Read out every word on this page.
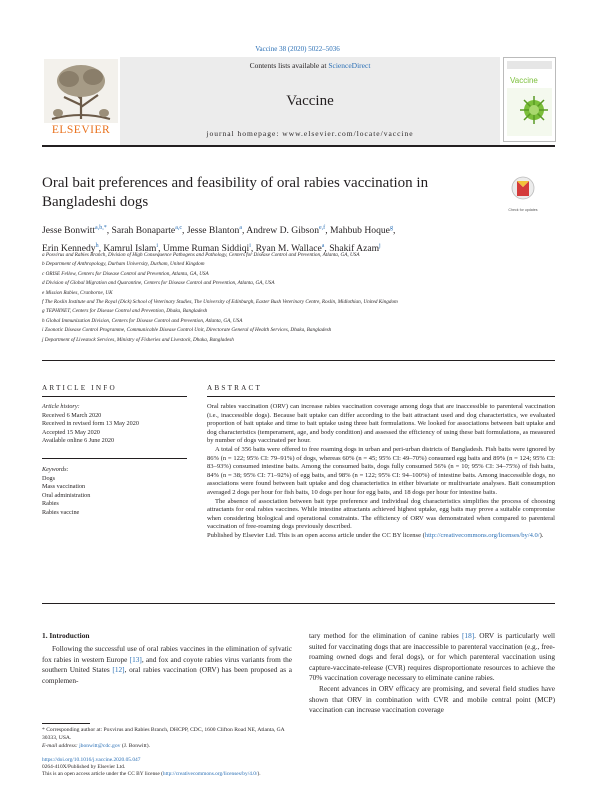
Vaccine 38 (2020) 5022–5036
ELSEVIER
Contents lists available at ScienceDirect
Vaccine
journal homepage: www.elsevier.com/locate/vaccine
Vaccine
Oral bait preferences and feasibility of oral rabies vaccination in Bangladeshi dogs	Check for updates
Jesse Bonwitt$^{a,b,*}$, Sarah Bonaparte$^{a,c}$, Jesse Blanton$^a$, Andrew D. Gibson$^{e,f}$, Mahbub Hoque$^g$,
Erin Kennedy$^h$, Kamrul Islam$^i$, Umme Ruman Siddiqi$^i$, Ryan M. Wallace$^a$, Shakif Azam$^j$
a Poxvirus and Rabies Branch, Division of High Consequence Pathogens and Pathology, Centers for Disease Control and Prevention, Atlanta, GA, USA
b Department of Anthropology, Durham University, Durham, United Kingdom
c ORISE Fellow, Centers for Disease Control and Prevention, Atlanta, GA, USA
d Division of Global Migration and Quarantine, Centers for Disease Control and Prevention, Atlanta, GA, USA
e Mission Rabies, Cranborne, UK
f The Roslin Institute and The Royal (Dick) School of Veterinary Studies, The University of Edinburgh, Easter Bush Veterinary Centre, Roslin, Midlothian, United Kingdom
g TEPHINET, Centers for Disease Control and Prevention, Dhaka, Bangladesh
h Global Immunization Division, Centers for Disease Control and Prevention, Atlanta, GA, USA
i Zoonotic Disease Control Programme, Communicable Disease Control Unit, Directorate General of Health Services, Dhaka, Bangladesh
j Department of Livestock Services, Ministry of Fisheries and Livestock, Dhaka, Bangladesh
ARTICLE INFO	ABSTRACT
Article history:
Received 6 March 2020
Received in revised form 13 May 2020
Accepted 15 May 2020
Available online 6 June 2020
Keywords:
Dogs
Mass vaccination
Oral administration
Rabies
Rabies vaccine

Oral rabies vaccination (ORV) can increase rabies vaccination coverage among dogs that are inaccessible to parenteral vaccination (i.e., inaccessible dogs). Because bait uptake can differ according to the bait attractant used and dog characteristics, we evaluated proportion of bait uptake and time to bait uptake using three bait formulations. We looked for associations between bait uptake and dog characteristics (temperament, age, and body condition) and assessed the efficiency of using these bait formulations, as measured by number of dogs vaccinated per hour.

A total of 356 baits were offered to free roaming dogs in urban and peri-urban districts of Bangladesh. Fish baits were ignored by 86% (n = 122; 95% CI: 79–91%) of dogs, whereas 60% (n = 45; 95% CI: 49–70%) consumed egg baits and 89% (n = 124; 95% CI: 83–93%) consumed intestine baits. Among the consumed baits, dogs fully consumed 56% (n = 10; 95% CI: 34–75%) of fish baits, 84% (n = 38; 95% CI: 71–92%) of egg baits, and 98% (n = 122; 95% CI: 94–100%) of intestine baits. Among inaccessible dogs, no associations were found between bait uptake and dog characteristics in either bivariate or multivariate analyses. Bait consumption averaged 2 dogs per hour for fish baits, 10 dogs per hour for egg baits, and 18 dogs per hour for intestine baits.

The absence of association between bait type preference and individual dog characteristics simplifies the process of choosing attractants for oral rabies vaccines. While intestine attractants achieved highest uptake, egg baits may prove a suitable compromise when considering biological and operational constraints. The efficiency of ORV was demonstrated when compared to parenteral vaccination of free-roaming dogs previously described.

Published by Elsevier Ltd. This is an open access article under the CC BY license (http://creativecommons.org/licenses/by/4.0/).

1. Introduction

Following the successful use of oral rabies vaccines in the elimination of sylvatic fox rabies in western Europe [13], and fox and coyote rabies virus variants from the southern United States [12], oral rabies vaccination (ORV) has been proposed as a complemen-

tary method for the elimination of canine rabies [18]. ORV is particularly well suited for vaccinating dogs that are inaccessible to parenteral vaccination (e.g., free-roaming owned dogs and feral dogs), or for which parenteral vaccination using capture-vaccinate-release (CVR) requires disproportionate resources to achieve the 70% vaccination coverage necessary to eliminate canine rabies.

Recent advances in ORV efficacy are promising, and several field studies have shown that ORV in combination with CVR and mobile central point (MCP) vaccination can increase vaccination coverage

* Corresponding author at: Poxvirus and Rabies Branch, DHCPP, CDC, 1600 Clifton Road NE, Atlanta, GA 30333, USA.
E-mail address: jbonwitt@cdc.gov (J. Bonwitt).
https://doi.org/10.1016/j.vaccine.2020.05.047
0264-410X/Published by Elsevier Ltd.
This is an open access article under the CC BY license (http://creativecommons.org/licenses/by/4.0/).
